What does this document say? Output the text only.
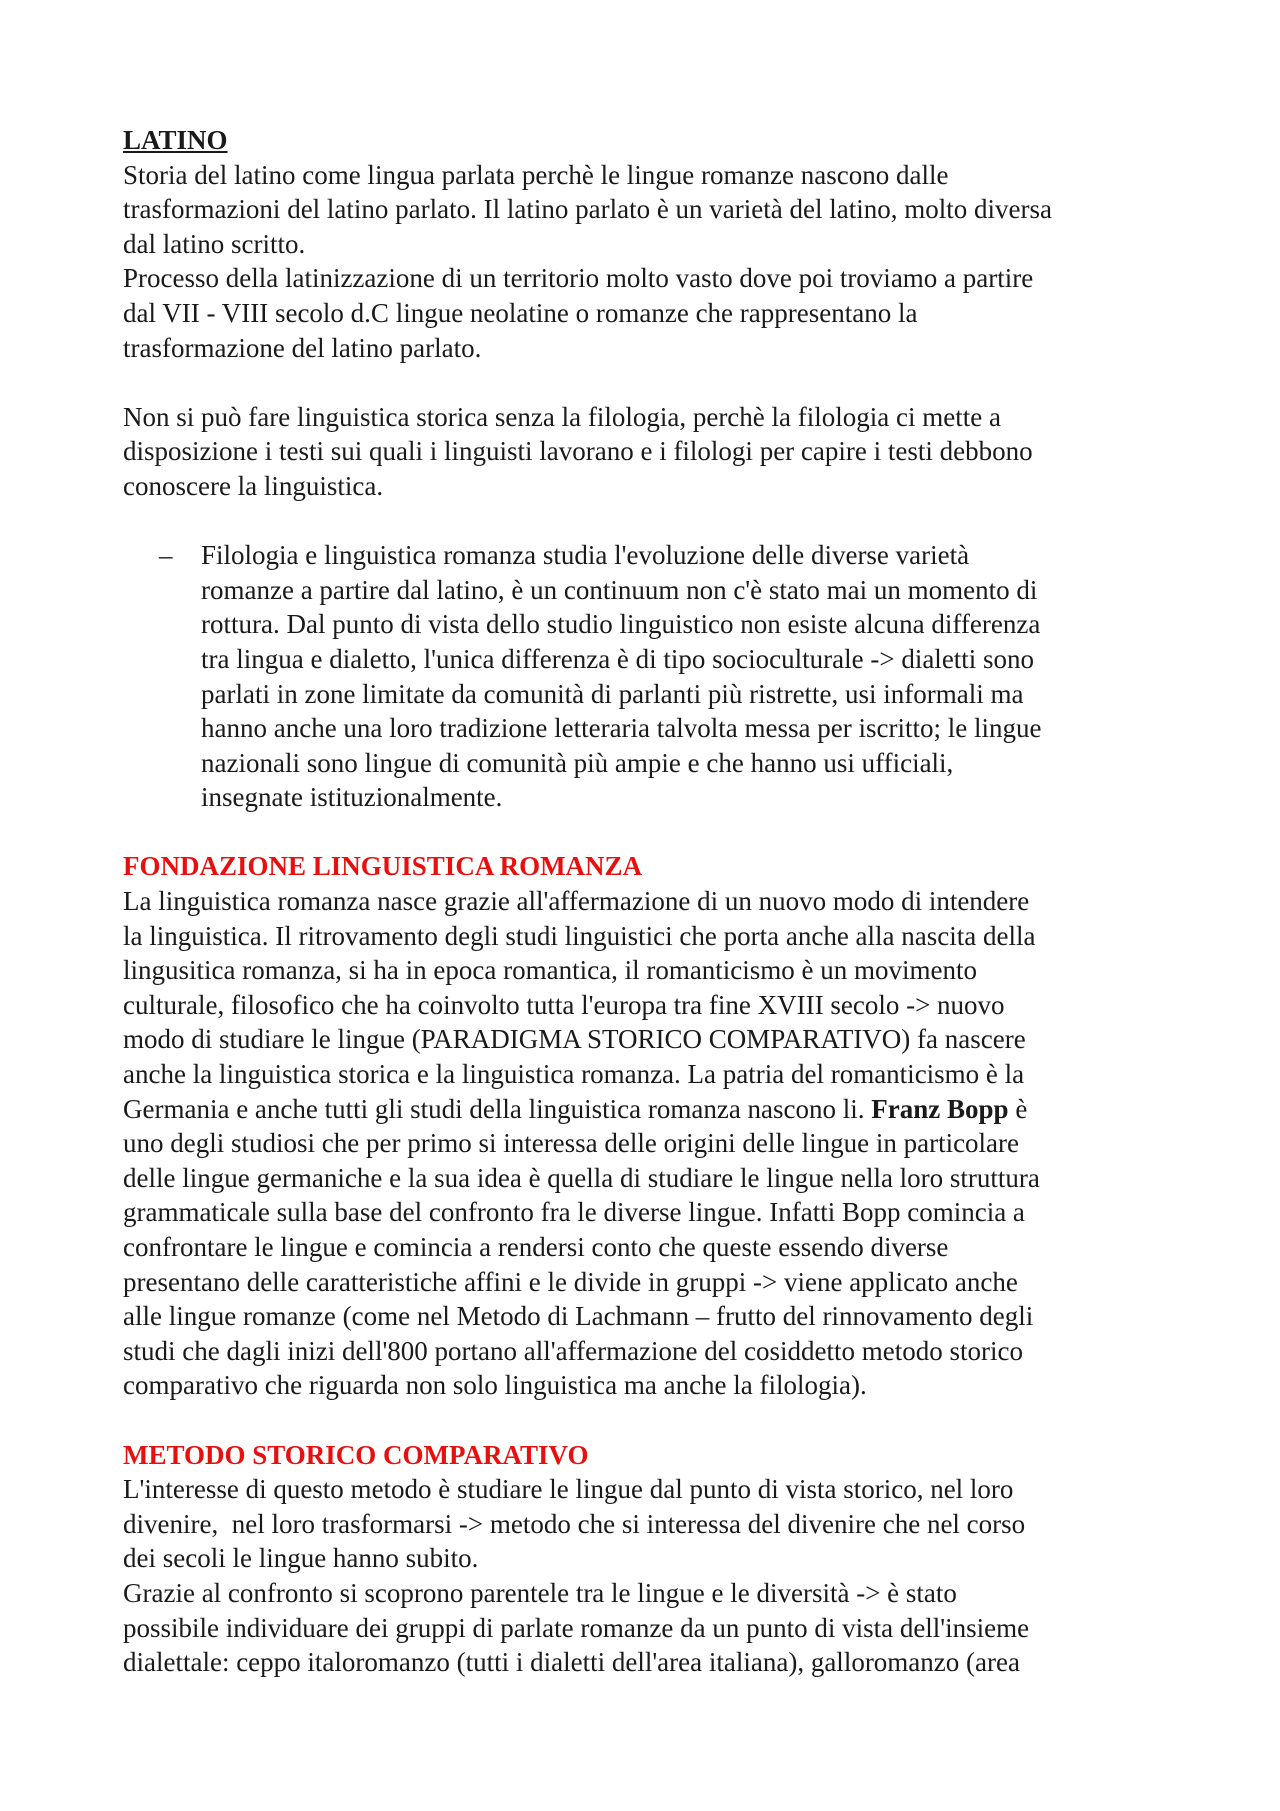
LATINO
Storia del latino come lingua parlata perchè le lingue romanze nascono dalle
trasformazioni del latino parlato. Il latino parlato è un varietà del latino, molto diversa
dal latino scritto.
Processo della latinizzazione di un territorio molto vasto dove poi troviamo a partire
dal VII - VIII secolo d.C lingue neolatine o romanze che rappresentano la
trasformazione del latino parlato.
Non si può fare linguistica storica senza la filologia, perchè la filologia ci mette a
disposizione i testi sui quali i linguisti lavorano e i filologi per capire i testi debbono
conoscere la linguistica.
– Filologia e linguistica romanza studia l'evoluzione delle diverse varietà
romanze a partire dal latino, è un continuum non c'è stato mai un momento di
rottura. Dal punto di vista dello studio linguistico non esiste alcuna differenza
tra lingua e dialetto, l'unica differenza è di tipo socioculturale -> dialetti sono
parlati in zone limitate da comunità di parlanti più ristrette, usi informali ma
hanno anche una loro tradizione letteraria talvolta messa per iscritto; le lingue
nazionali sono lingue di comunità più ampie e che hanno usi ufficiali,
insegnate istituzionalmente.
FONDAZIONE LINGUISTICA ROMANZA
La linguistica romanza nasce grazie all'affermazione di un nuovo modo di intendere
la linguistica. Il ritrovamento degli studi linguistici che porta anche alla nascita della
lingusitica romanza, si ha in epoca romantica, il romanticismo è un movimento
culturale, filosofico che ha coinvolto tutta l'europa tra fine XVIII secolo -> nuovo
modo di studiare le lingue (PARADIGMA STORICO COMPARATIVO) fa nascere
anche la linguistica storica e la linguistica romanza. La patria del romanticismo è la
Germania e anche tutti gli studi della linguistica romanza nascono li. Franz Bopp è
uno degli studiosi che per primo si interessa delle origini delle lingue in particolare
delle lingue germaniche e la sua idea è quella di studiare le lingue nella loro struttura
grammaticale sulla base del confronto fra le diverse lingue. Infatti Bopp comincia a
confrontare le lingue e comincia a rendersi conto che queste essendo diverse
presentano delle caratteristiche affini e le divide in gruppi -> viene applicato anche
alle lingue romanze (come nel Metodo di Lachmann – frutto del rinnovamento degli
studi che dagli inizi dell'800 portano all'affermazione del cosiddetto metodo storico
comparativo che riguarda non solo linguistica ma anche la filologia).
METODO STORICO COMPARATIVO
L'interesse di questo metodo è studiare le lingue dal punto di vista storico, nel loro
divenire,  nel loro trasformarsi -> metodo che si interessa del divenire che nel corso
dei secoli le lingue hanno subito.
Grazie al confronto si scoprono parentele tra le lingue e le diversità -> è stato
possibile individuare dei gruppi di parlate romanze da un punto di vista dell'insieme
dialettale: ceppo italoromanzo (tutti i dialetti dell'area italiana), galloromanzo (area
